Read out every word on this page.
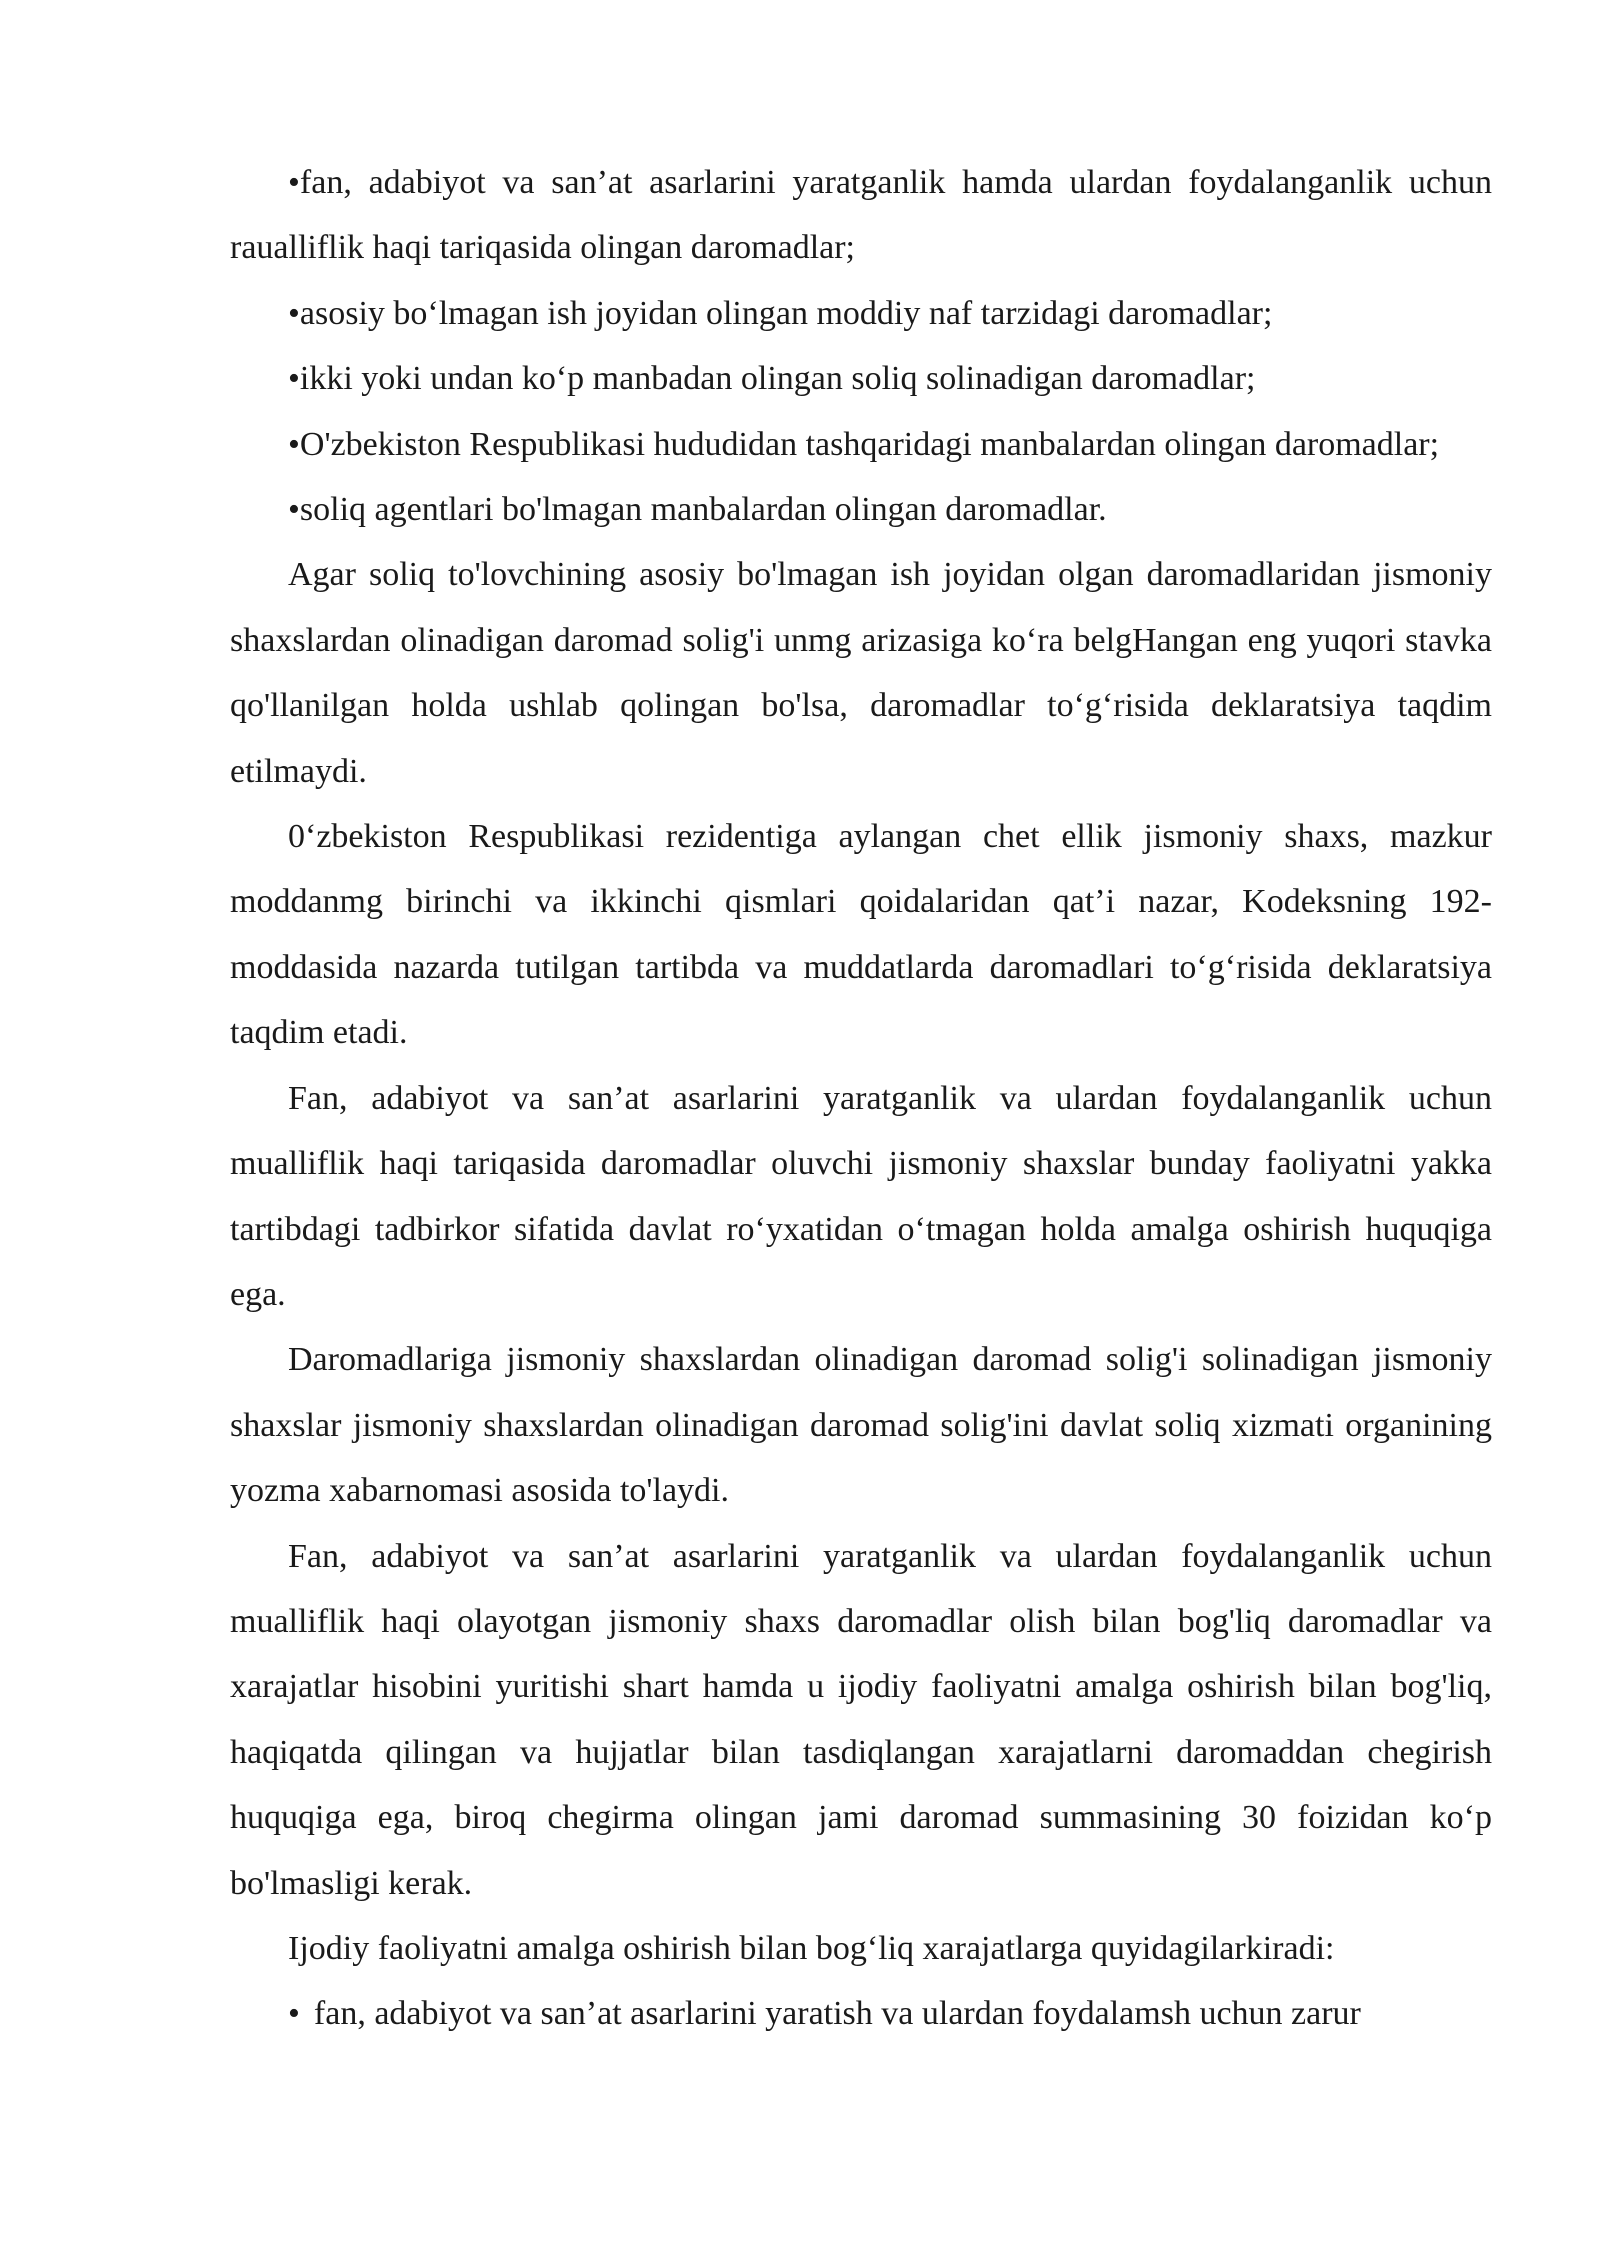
•fan, adabiyot va san’at asarlarini yaratganlik hamda ulardan foydalanganlik uchun raualliflik haqi tariqasida olingan daromadlar;

•asosiy bo‘lmagan ish joyidan olingan moddiy naf tarzidagi daromadlar;

•ikki yoki undan ko‘p manbadan olingan soliq solinadigan daromadlar;

•O'zbekiston Respublikasi hududidan tashqaridagi manbalardan olingan daromadlar;

•soliq agentlari bo'lmagan manbalardan olingan daromadlar.

Agar soliq to'lovchining asosiy bo'lmagan ish joyidan olgan daromadlaridan jismoniy shaxslardan olinadigan daromad solig'i unmg arizasiga ko‘ra belgHangan eng yuqori stavka qo'llanilgan holda ushlab qolingan bo'lsa, daromadlar to‘g‘risida deklaratsiya taqdim etilmaydi.

0‘zbekiston Respublikasi rezidentiga aylangan chet ellik jismoniy shaxs, mazkur moddanmg birinchi va ikkinchi qismlari qoidalaridan qat’i nazar, Kodeksning 192-moddasida nazarda tutilgan tartibda va muddatlarda daromadlari to‘g‘risida deklaratsiya taqdim etadi.

Fan, adabiyot va san’at asarlarini yaratganlik va ulardan foydalanganlik uchun mualliflik haqi tariqasida daromadlar oluvchi jismoniy shaxslar bunday faoliyatni yakka tartibdagi tadbirkor sifatida davlat ro‘yxatidan o‘tmagan holda amalga oshirish huquqiga ega.

Daromadlariga jismoniy shaxslardan olinadigan daromad solig'i solinadigan jismoniy shaxslar jismoniy shaxslardan olinadigan daromad solig'ini davlat soliq xizmati organining yozma xabarnomasi asosida to'laydi.

Fan, adabiyot va san’at asarlarini yaratganlik va ulardan foydalanganlik uchun mualliflik haqi olayotgan jismoniy shaxs daromadlar olish bilan bog'liq daromadlar va xarajatlar hisobini yuritishi shart hamda u ijodiy faoliyatni amalga oshirish bilan bog'liq, haqiqatda qilingan va hujjatlar bilan tasdiqlangan xarajatlarni daromaddan chegirish huquqiga ega, biroq chegirma olingan jami daromad summasining 30 foizidan ko‘p bo'lmasligi kerak.

Ijodiy faoliyatni amalga oshirish bilan bog‘liq xarajatlarga quyidagilarkiradi:

• fan, adabiyot va san’at asarlarini yaratish va ulardan foydalamsh uchun zarur
